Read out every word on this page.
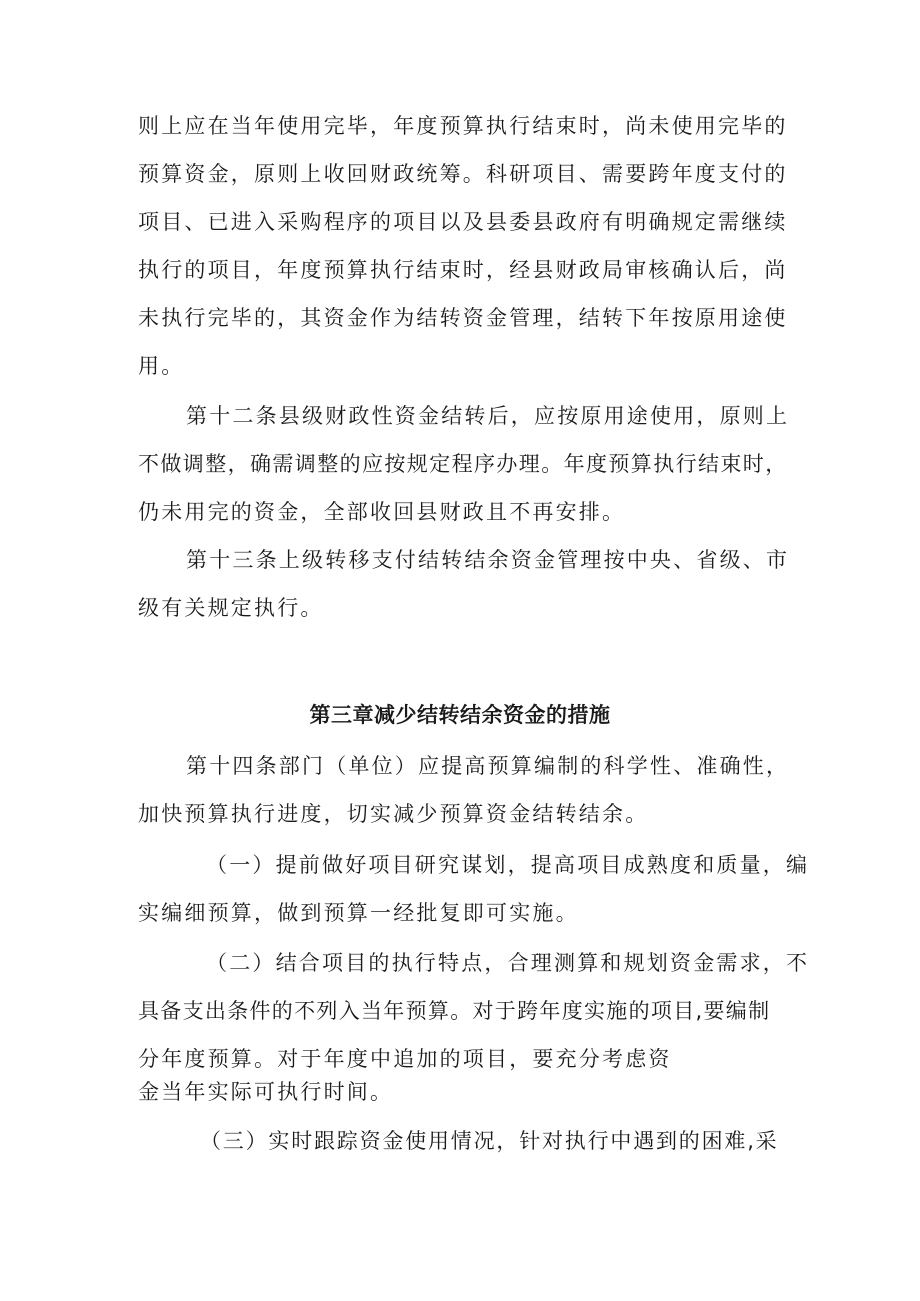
则上应在当年使用完毕，年度预算执行结束时，尚未使用完毕的
预算资金，原则上收回财政统筹。科研项目、需要跨年度支付的
项目、已进入采购程序的项目以及县委县政府有明确规定需继续
执行的项目，年度预算执行结束时，经县财政局审核确认后，尚
未执行完毕的，其资金作为结转资金管理，结转下年按原用途使
用。
第十二条县级财政性资金结转后，应按原用途使用，原则上
不做调整，确需调整的应按规定程序办理。年度预算执行结束时，
仍未用完的资金，全部收回县财政且不再安排。
第十三条上级转移支付结转结余资金管理按中央、省级、市
级有关规定执行。
第三章减少结转结余资金的措施
第十四条部门（单位）应提高预算编制的科学性、准确性，
加快预算执行进度，切实减少预算资金结转结余。
（一）提前做好项目研究谋划，提高项目成熟度和质量，编
实编细预算，做到预算一经批复即可实施。
（二）结合项目的执行特点，合理测算和规划资金需求，不
具备支出条件的不列入当年预算。对于跨年度实施的项目,要编制
分年度预算。对于年度中追加的项目，要充分考虑资
金当年实际可执行时间。
（三）实时跟踪资金使用情况，针对执行中遇到的困难,采
